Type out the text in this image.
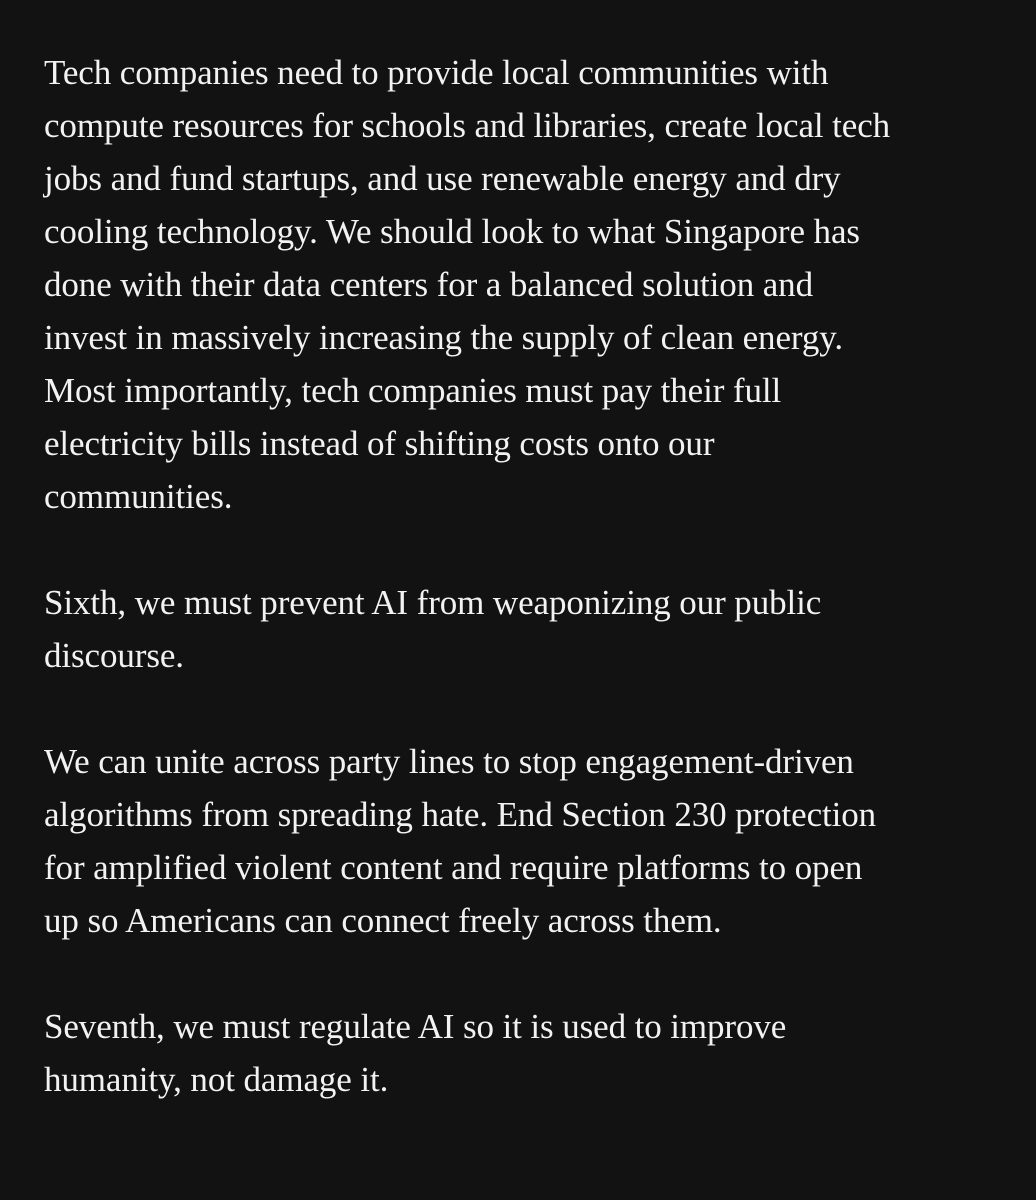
Tech companies need to provide local communities with
compute resources for schools and libraries, create local tech
jobs and fund startups, and use renewable energy and dry
cooling technology. We should look to what Singapore has
done with their data centers for a balanced solution and
invest in massively increasing the supply of clean energy.
Most importantly, tech companies must pay their full
electricity bills instead of shifting costs onto our
communities.

Sixth, we must prevent AI from weaponizing our public
discourse.

We can unite across party lines to stop engagement-driven
algorithms from spreading hate. End Section 230 protection
for amplified violent content and require platforms to open
up so Americans can connect freely across them.

Seventh, we must regulate AI so it is used to improve
humanity, not damage it.
